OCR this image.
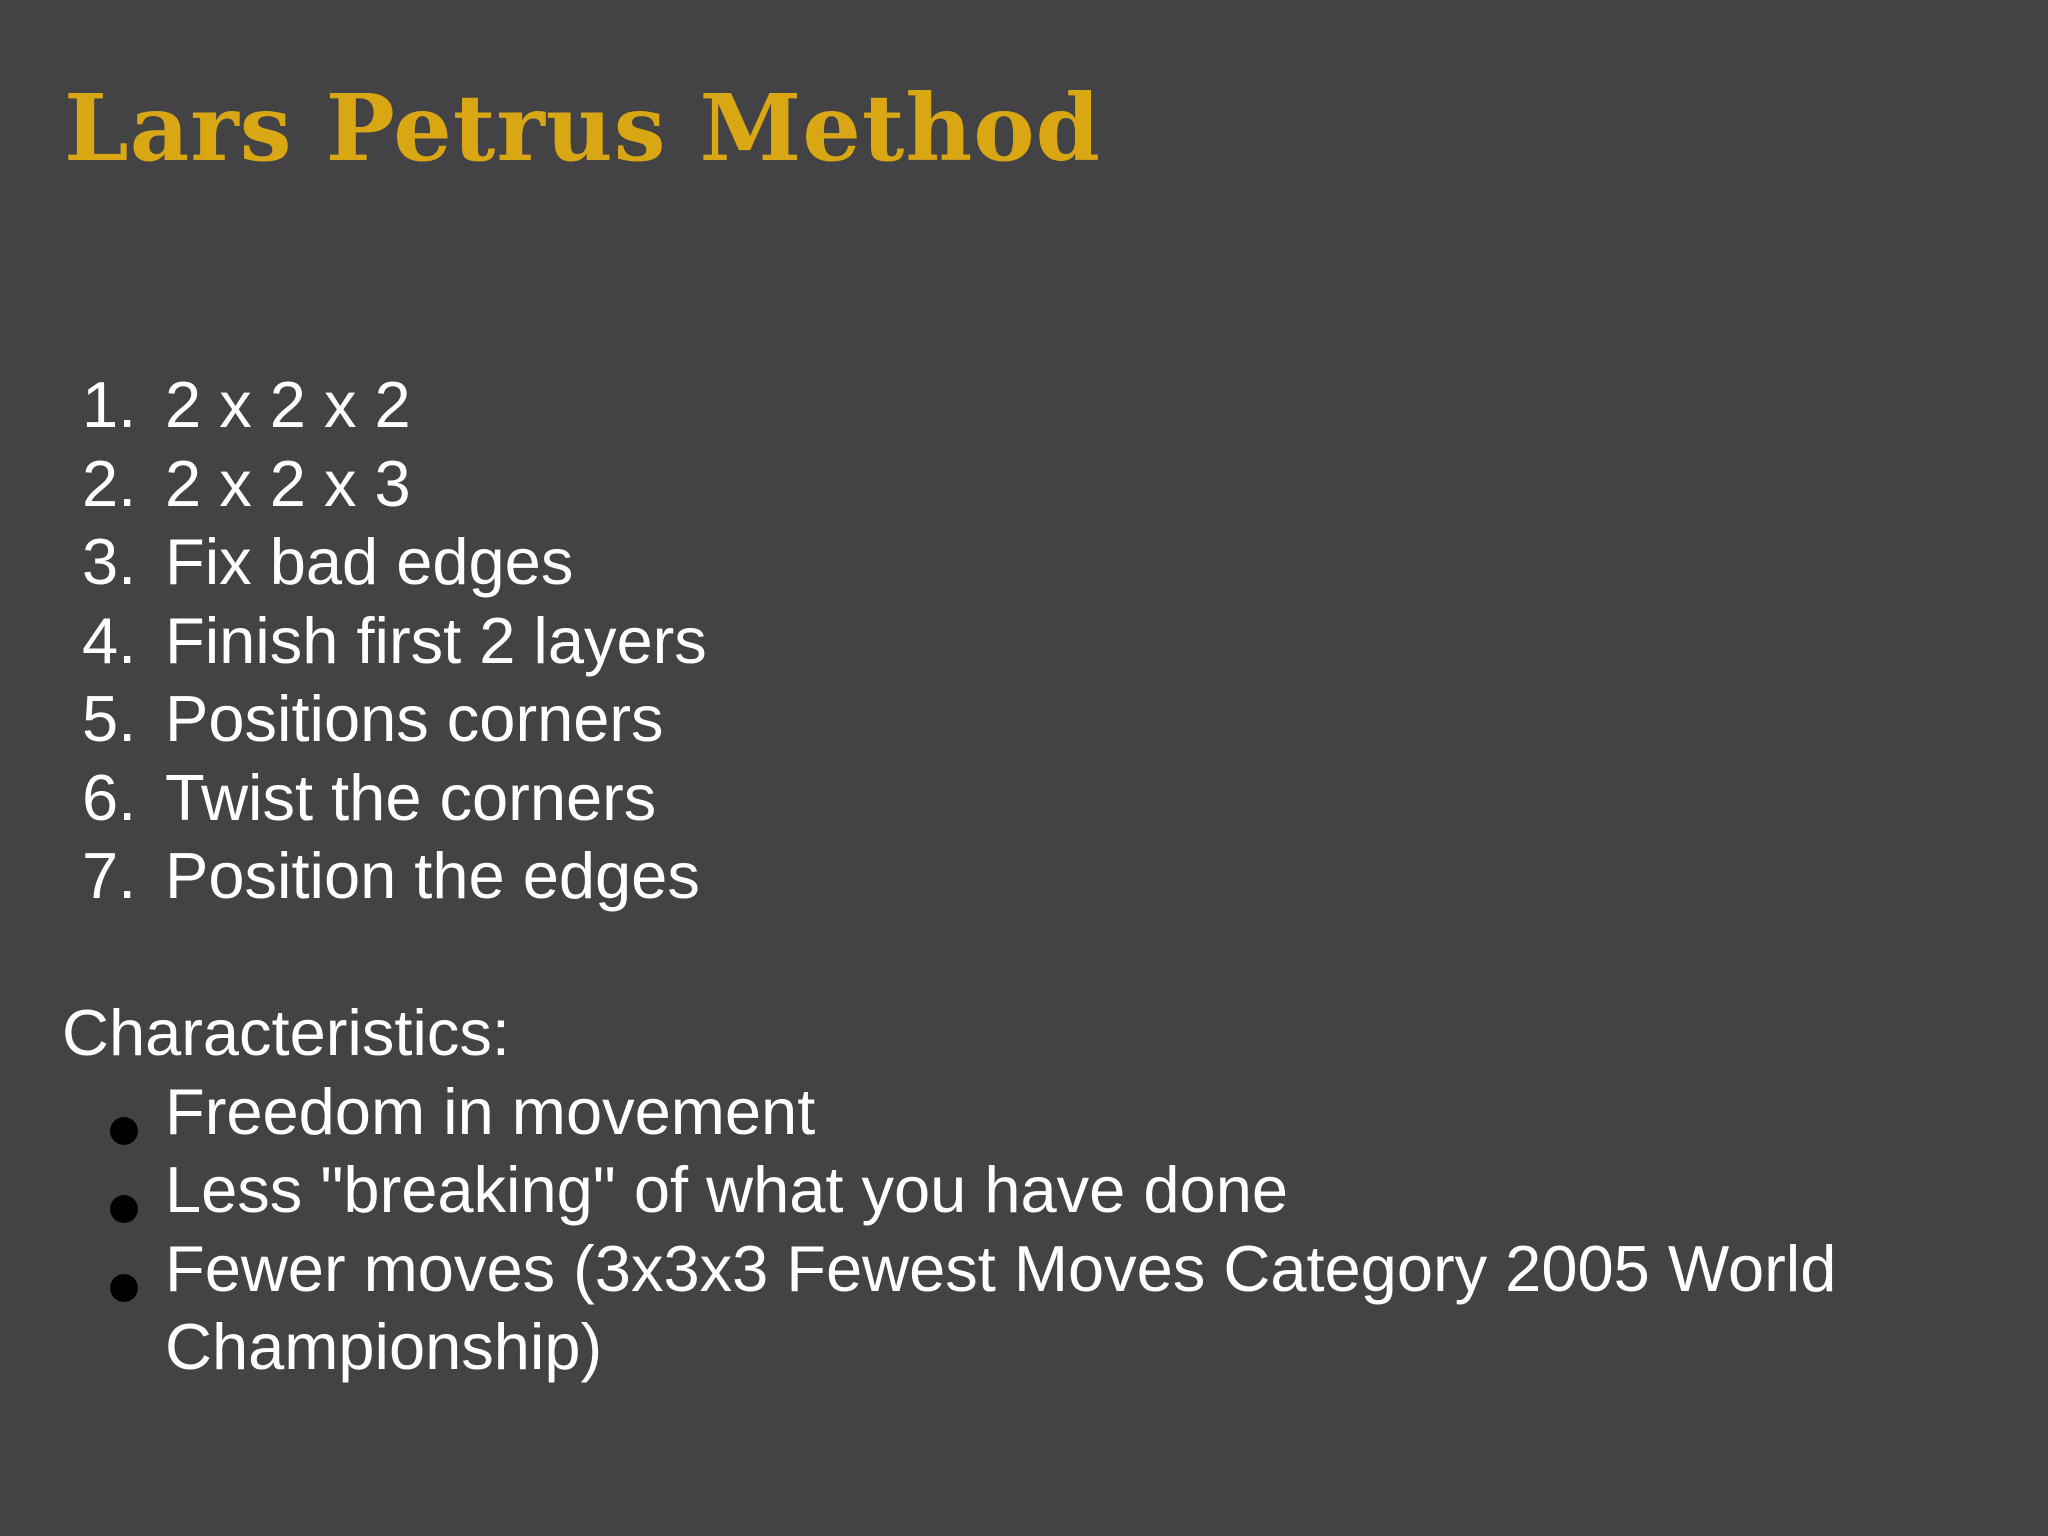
Lars Petrus Method
1. 2 x 2 x 2
2. 2 x 2 x 3
3. Fix bad edges
4. Finish first 2 layers
5. Positions corners
6. Twist the corners
7. Position the edges
Characteristics:
Freedom in movement
Less "breaking" of what you have done
Fewer moves (3x3x3 Fewest Moves Category 2005 World Championship)
